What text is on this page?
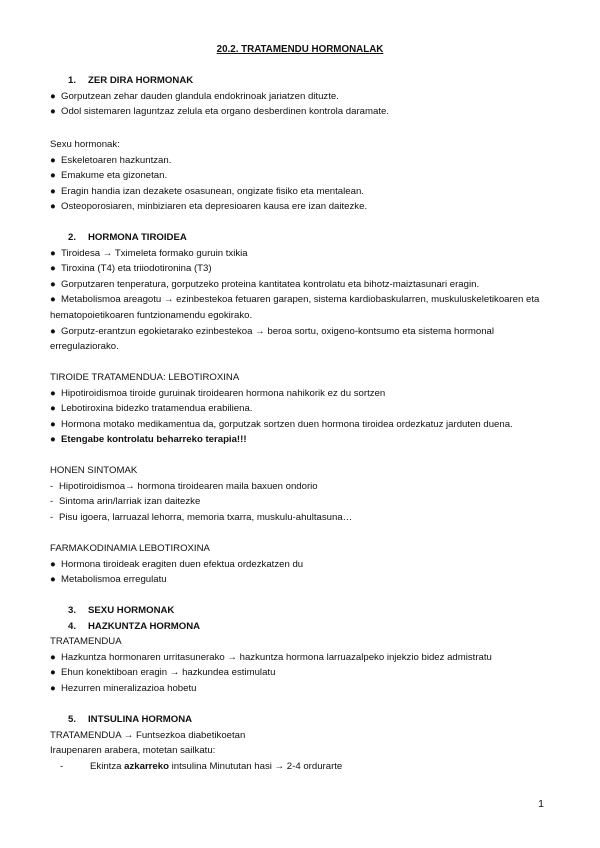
20.2. TRATAMENDU HORMONALAK
1. ZER DIRA HORMONAK
● Gorputzean zehar dauden glandula endokrinoak jariatzen dituzte.
● Odol sistemaren laguntzaz zelula eta organo desberdinen kontrola daramate.
Sexu hormonak:
● Eskeletoaren hazkuntzan.
● Emakume eta gizonetan.
● Eragin handia izan dezakete osasunean, ongizate fisiko eta mentalean.
● Osteoporosiaren, minbiziaren eta depresioaren kausa ere izan daitezke.
2. HORMONA TIROIDEA
● Tiroidesa → Tximeleta formako guruin txikia
● Tiroxina (T4) eta triiodotironina (T3)
● Gorputzaren tenperatura, gorputzeko proteina kantitatea kontrolatu eta bihotz-maiztasunari eragin.
● Metabolismoa areagotu → ezinbestekoa fetuaren garapen, sistema kardiobaskularren, muskuluskeletikoaren eta hematopoietikoaren funtzionamendu egokirako.
● Gorputz-erantzun egokietarako ezinbestekoa → beroa sortu, oxigeno-kontsumo eta sistema hormonal erregulaziorako.
TIROIDE TRATAMENDUA: LEBOTIROXINA
● Hipotiroidismoa tiroide guruinak tiroidearen hormona nahikorik ez du sortzen
● Lebotiroxina bidezko tratamendua erabiliena.
● Hormona motako medikamentua da, gorputzak sortzen duen hormona tiroidea ordezkatuz jarduten duena.
● Etengabe kontrolatu beharreko terapia!!!
HONEN SINTOMAK
- Hipotiroidismoa→ hormona tiroidearen maila baxuen ondorio
- Sintoma arin/larriak izan daitezke
- Pisu igoera, larruazal lehorra, memoria txarra, muskulu-ahultasuna…
FARMAKODINAMIA LEBOTIROXINA
● Hormona tiroideak eragiten duen efektua ordezkatzen du
● Metabolismoa erregulatu
3. SEXU HORMONAK
4. HAZKUNTZA HORMONA
TRATAMENDUA
● Hazkuntza hormonaren urritasunerako → hazkuntza hormona larruazalpeko injekzio bidez admistratu
● Ehun konektiboan eragin → hazkundea estimulatu
● Hezurren mineralizazioa hobetu
5. INTSULINA HORMONA
TRATAMENDUA → Funtsezkoa diabetikoetan
Iraupenaren arabera, motetan sailkatu:
-	Ekintza azkarreko intsulina Minututan hasi → 2-4 ordurarte
1
